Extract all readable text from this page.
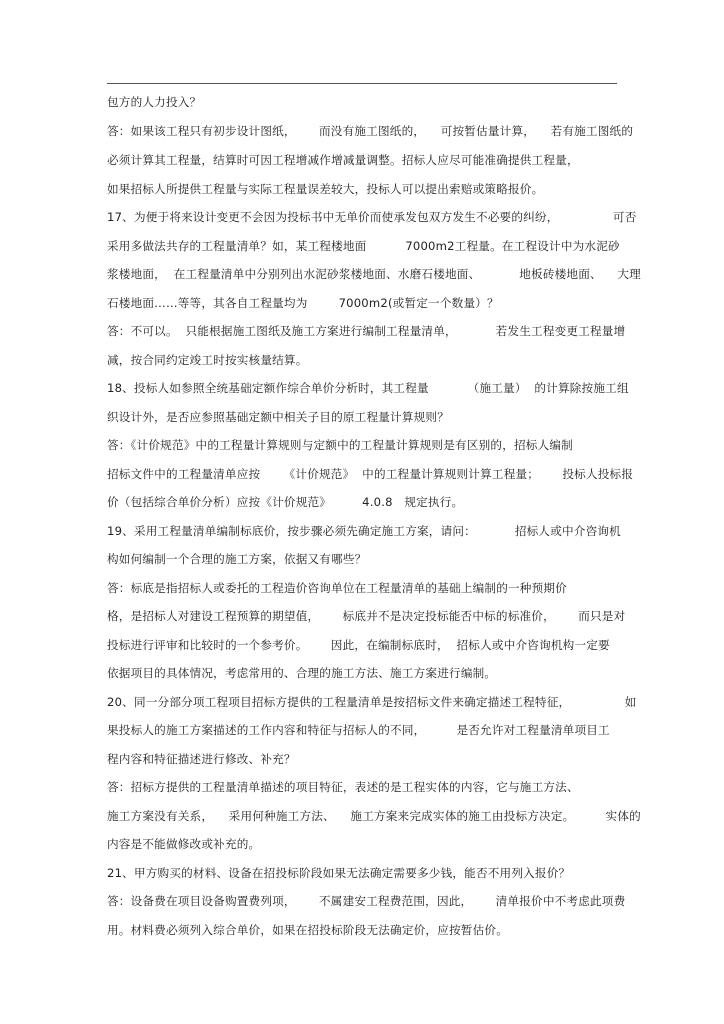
包方的人力投入？
答：如果该工程只有初步设计图纸，      而没有施工图纸的，    可按暂估量计算，    若有施工图纸的
必须计算其工程量，结算时可因工程增减作增减量调整。招标人应尽可能准确提供工程量，
如果招标人所提供工程量与实际工程量误差较大，投标人可以提出索赔或策略报价。
17、为便于将来设计变更不会因为投标书中无单价而使承发包双方发生不必要的纠纷，              可否
采用多做法共存的工程量清单？如，某工程楼地面          7000m2工程量。在工程设计中为水泥砂
浆楼地面，  在工程量清单中分别列出水泥砂浆楼地面、水磨石楼地面、          地板砖楼地面、    大理
石楼地面……等等，其各自工程量均为        7000m2(或暂定一个数量）？
答：不可以。  只能根据施工图纸及施工方案进行编制工程量清单，          若发生工程变更工程量增
减，按合同约定竣工时按实核量结算。
18、投标人如参照全统基础定额作综合单价分析时，其工程量          （施工量）  的计算除按施工组
织设计外，是否应参照基础定额中相关子目的原工程量计算规则？
答：《计价规范》中的工程量计算规则与定额中的工程量计算规则是有区别的，招标人编制
招标文件中的工程量清单应按      《计价规范》  中的工程量计算规则计算工程量；      投标人投标报
价（包括综合单价分析）应按《计价规范》        4.0.8   规定执行。
19、采用工程量清单编制标底价，按步骤必须先确定施工方案，请问：          招标人或中介咨询机
构如何编制一个合理的施工方案，依据又有哪些？
答：标底是指招标人或委托的工程造价咨询单位在工程量清单的基础上编制的一种预期价
格，是招标人对建设工程预算的期望值，      标底并不是决定投标能否中标的标准价，      而只是对
投标进行评审和比较时的一个参考价。      因此，在编制标底时，  招标人或中介咨询机构一定要
依据项目的具体情况，考虑常用的、合理的施工方法、施工方案进行编制。
20、同一分部分项工程项目招标方提供的工程量清单是按招标文件来确定描述工程特征，              如
果投标人的施工方案描述的工作内容和特征与招标人的不同，        是否允许对工程量清单项目工
程内容和特征描述进行修改、补充？
答：招标方提供的工程量清单描述的项目特征，表述的是工程实体的内容，它与施工方法、
施工方案没有关系，    采用何种施工方法、    施工方案来完成实体的施工由投标方决定。        实体的
内容是不能做修改或补充的。
21、甲方购买的材料、设备在招投标阶段如果无法确定需要多少钱，能否不用列入报价？
答：设备费在项目设备购置费列项，      不属建安工程费范围，因此，      清单报价中不考虑此项费
用。材料费必须列入综合单价，如果在招投标阶段无法确定价，应按暂估价。
